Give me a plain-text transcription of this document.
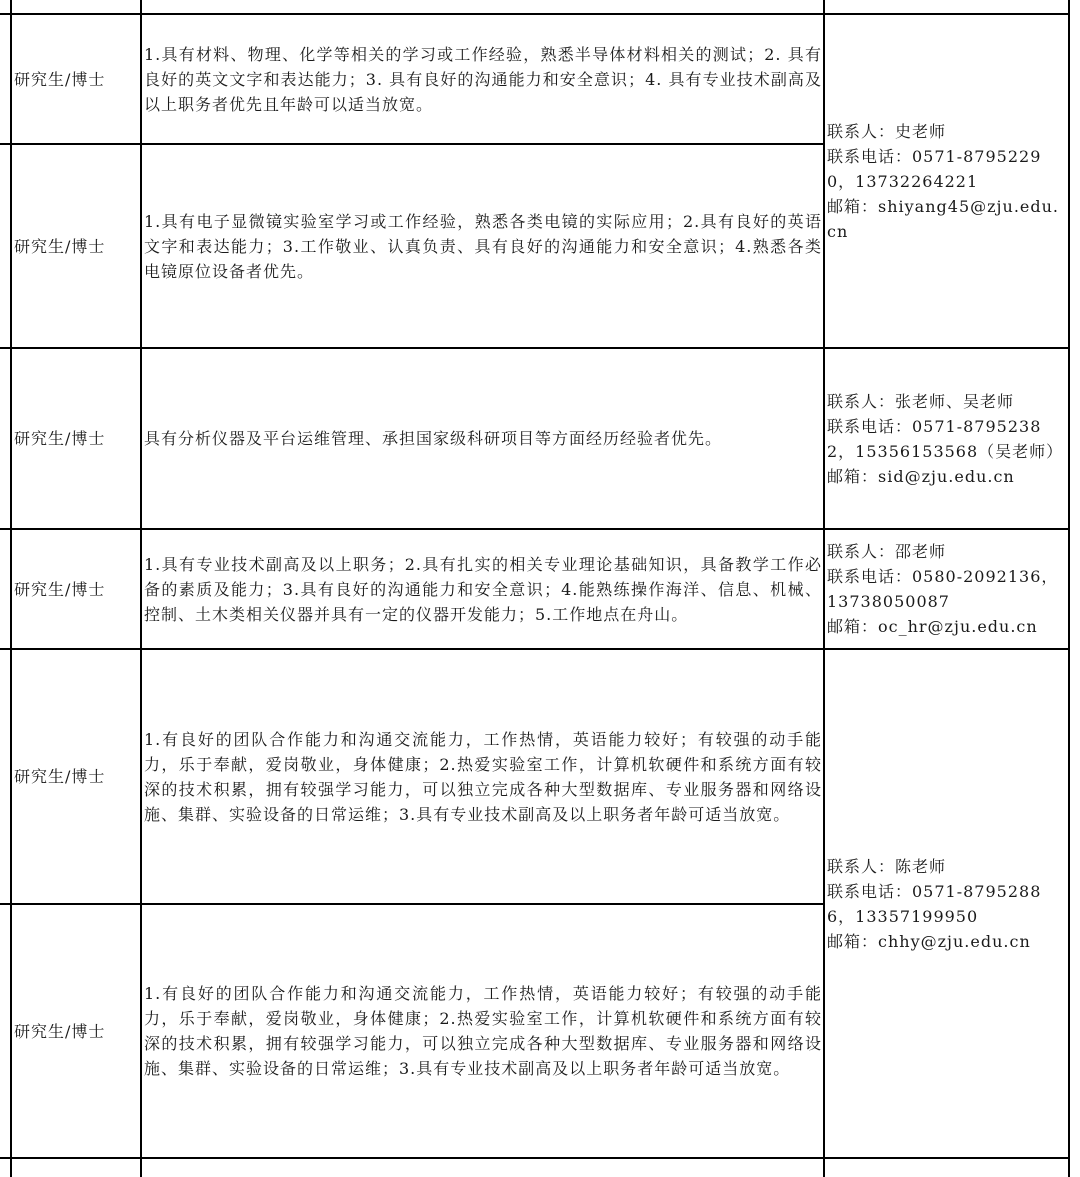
研究生/博士
1.具有材料、物理、化学等相关的学习或工作经验，熟悉半导体材料相关的测试；2. 具有良好的英文文字和表达能力；3. 具有良好的沟通能力和安全意识；4. 具有专业技术副高及以上职务者优先且年龄可以适当放宽。
研究生/博士
1.具有电子显微镜实验室学习或工作经验，熟悉各类电镜的实际应用；2.具有良好的英语文字和表达能力；3.工作敬业、认真负责、具有良好的沟通能力和安全意识；4.熟悉各类电镜原位设备者优先。
联系人：史老师
联系电话：0571-87952290，13732264221
邮箱：shiyang45@zju.edu.cn
研究生/博士	具有分析仪器及平台运维管理、承担国家级科研项目等方面经历经验者优先。
联系人：张老师、吴老师
联系电话：0571-87952382，15356153568（吴老师）
邮箱：sid@zju.edu.cn
研究生/博士
1.具有专业技术副高及以上职务；2.具有扎实的相关专业理论基础知识，具备教学工作必备的素质及能力；3.具有良好的沟通能力和安全意识；4.能熟练操作海洋、信息、机械、控制、土木类相关仪器并具有一定的仪器开发能力；5.工作地点在舟山。
联系人：邵老师
联系电话：0580-2092136，13738050087
邮箱：oc_hr@zju.edu.cn
研究生/博士
1.有良好的团队合作能力和沟通交流能力，工作热情，英语能力较好；有较强的动手能力，乐于奉献，爱岗敬业，身体健康；2.热爱实验室工作，计算机软硬件和系统方面有较深的技术积累，拥有较强学习能力，可以独立完成各种大型数据库、专业服务器和网络设施、集群、实验设备的日常运维；3.具有专业技术副高及以上职务者年龄可适当放宽。
研究生/博士
1.有良好的团队合作能力和沟通交流能力，工作热情，英语能力较好；有较强的动手能力，乐于奉献，爱岗敬业，身体健康；2.热爱实验室工作，计算机软硬件和系统方面有较深的技术积累，拥有较强学习能力，可以独立完成各种大型数据库、专业服务器和网络设施、集群、实验设备的日常运维；3.具有专业技术副高及以上职务者年龄可适当放宽。
联系人：陈老师
联系电话：0571-87952886，13357199950
邮箱：chhy@zju.edu.cn
